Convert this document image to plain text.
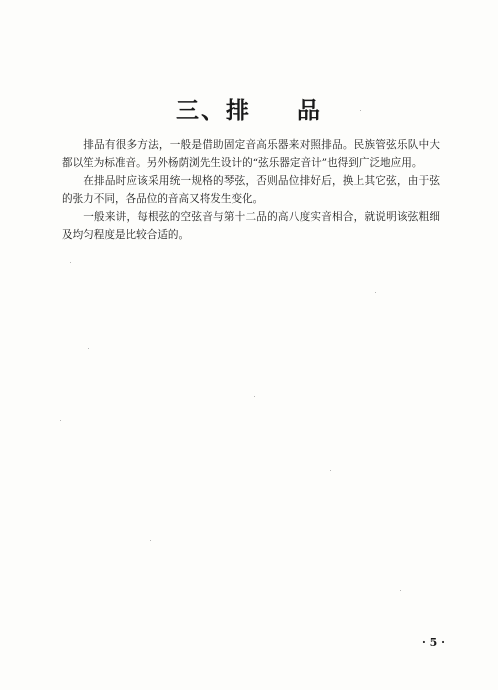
三、排 品

排品有很多方法，一般是借助固定音高乐器来对照排品。民族管弦乐队中大都以笙为标准音。另外杨荫浏先生设计的“弦乐器定音计”也得到广泛地应用。

在排品时应该采用统一规格的琴弦，否则品位排好后，换上其它弦，由于弦的张力不同，各品位的音高又将发生变化。

一般来讲，每根弦的空弦音与第十二品的高八度实音相合，就说明该弦粗细及均匀程度是比较合适的。

· 5 ·
